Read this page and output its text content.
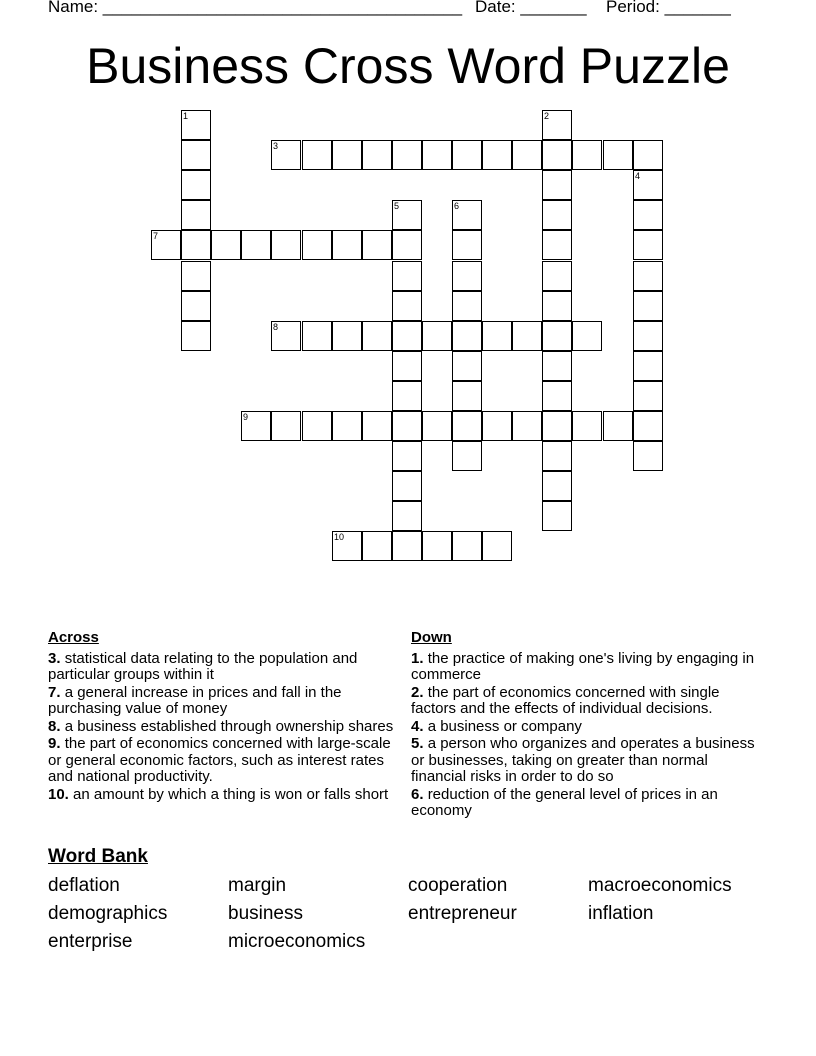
Name: ______________________________________ Date: _______ Period: _______
Business Cross Word Puzzle
1	2
3
4
5	6
7
8
9
10
Across
3. statistical data relating to the population and particular groups within it
7. a general increase in prices and fall in the purchasing value of money
8. a business established through ownership shares
9. the part of economics concerned with large-scale or general economic factors, such as interest rates and national productivity.
10. an amount by which a thing is won or falls short
Down
1. the practice of making one's living by engaging in commerce
2. the part of economics concerned with single factors and the effects of individual decisions.
4. a business or company
5. a person who organizes and operates a business or businesses, taking on greater than normal financial risks in order to do so
6. reduction of the general level of prices in an economy
Word Bank
deflation	margin	cooperation	macroeconomics
demographics	business	entrepreneur	inflation
enterprise	microeconomics
